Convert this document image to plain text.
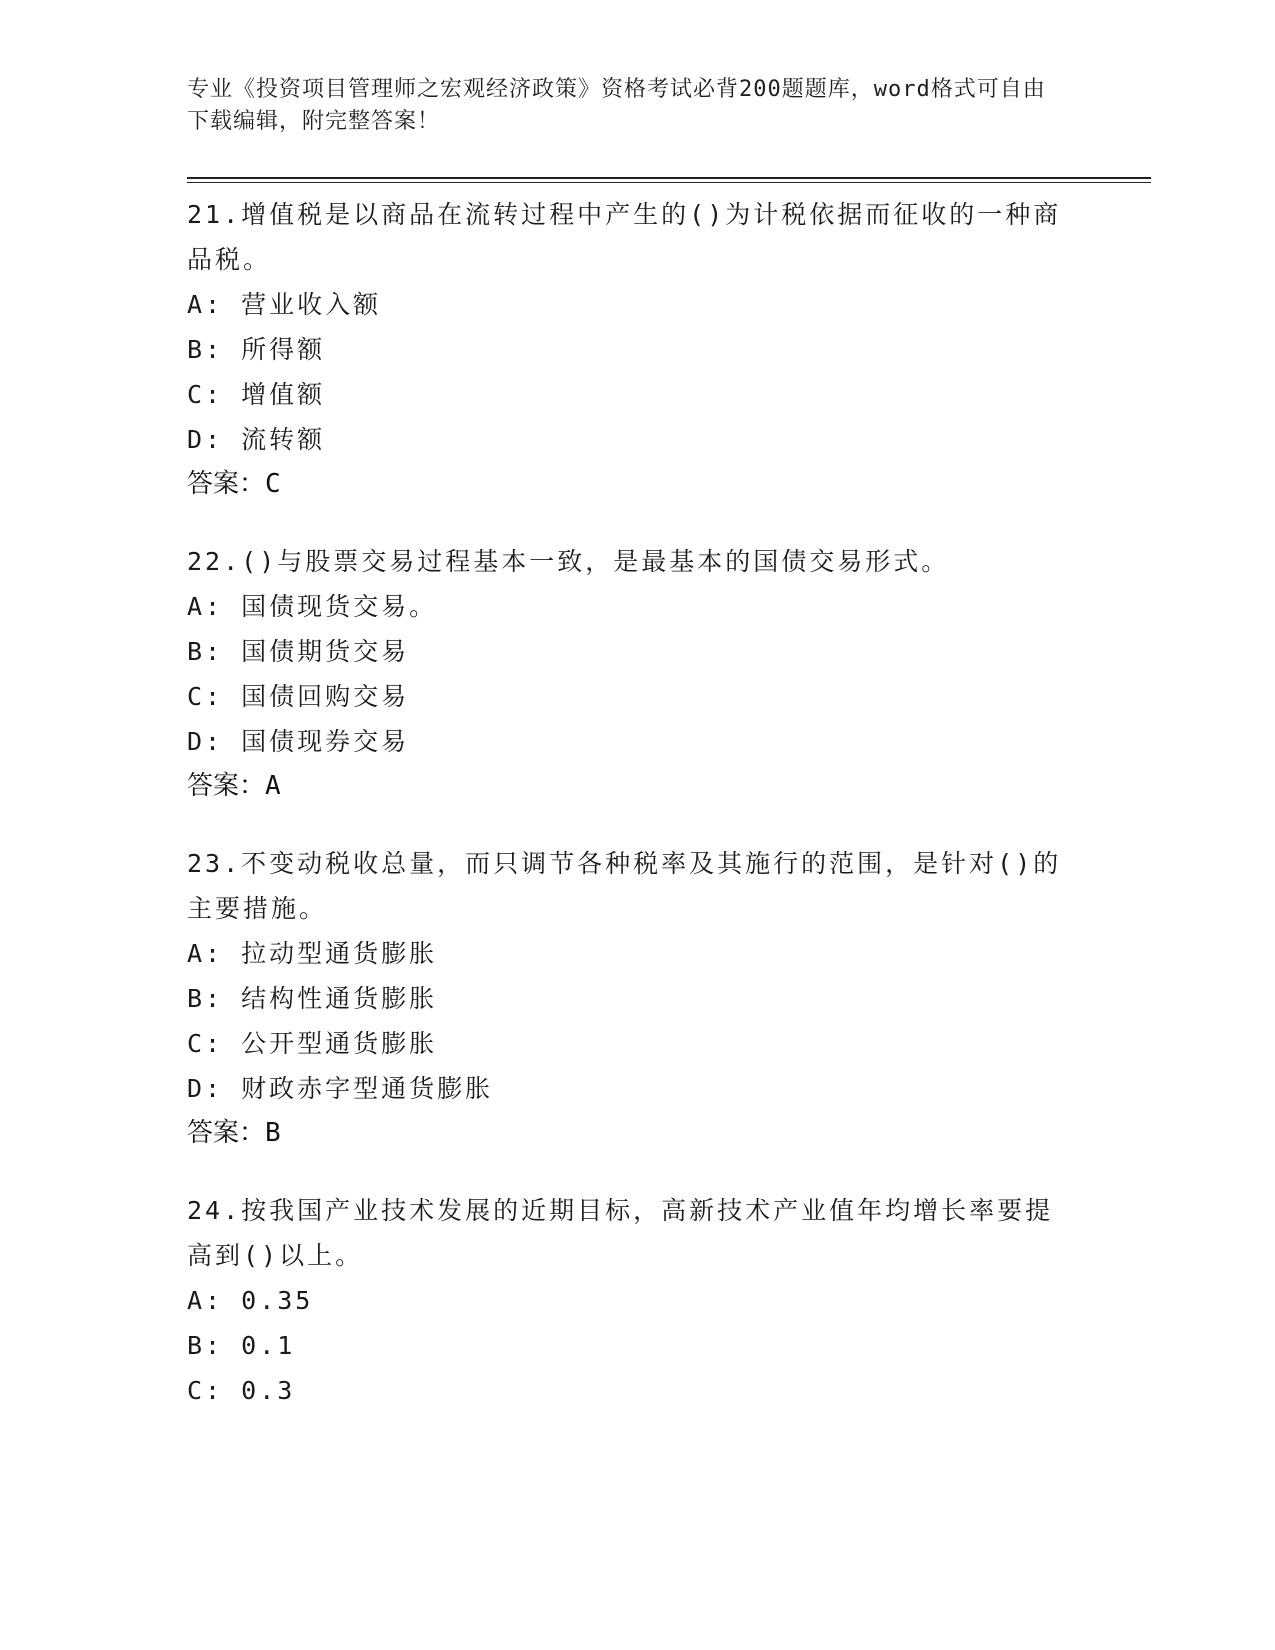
专业《投资项目管理师之宏观经济政策》资格考试必背200题题库，word格式可自由下载编辑，附完整答案！

21.增值税是以商品在流转过程中产生的()为计税依据而征收的一种商品税。

A: 营业收入额

B: 所得额

C: 增值额

D: 流转额

答案：C

22.()与股票交易过程基本一致，是最基本的国债交易形式。

A: 国债现货交易。

B: 国债期货交易

C: 国债回购交易

D: 国债现券交易

答案：A

23.不变动税收总量，而只调节各种税率及其施行的范围，是针对()的主要措施。

A: 拉动型通货膨胀

B: 结构性通货膨胀

C: 公开型通货膨胀

D: 财政赤字型通货膨胀

答案：B

24.按我国产业技术发展的近期目标，高新技术产业值年均增长率要提高到()以上。

A: 0.35

B: 0.1

C: 0.3
